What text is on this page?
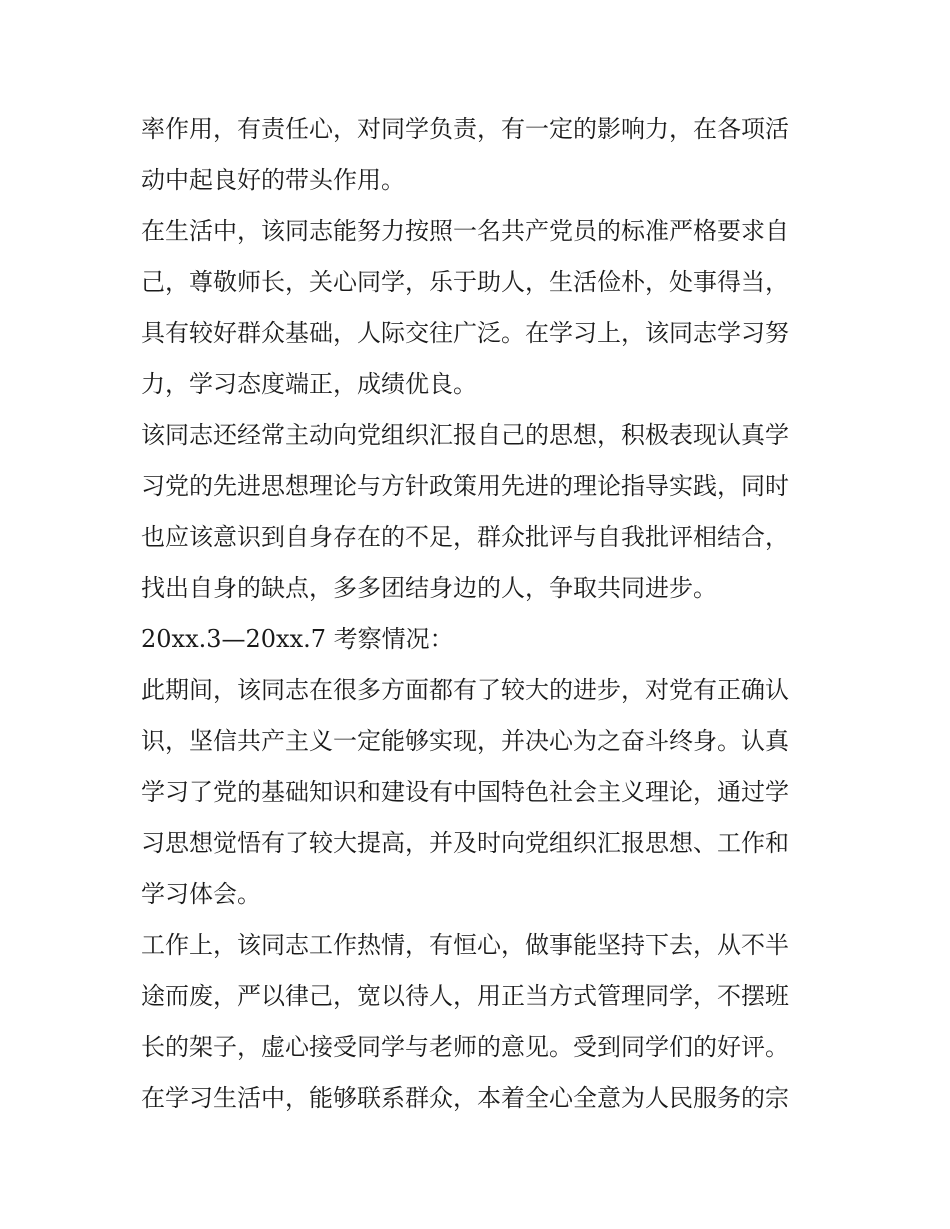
率作用，有责任心，对同学负责，有一定的影响力，在各项活
动中起良好的带头作用。
在生活中，该同志能努力按照一名共产党员的标准严格要求自
己，尊敬师长，关心同学，乐于助人，生活俭朴，处事得当，
具有较好群众基础，人际交往广泛。在学习上，该同志学习努
力，学习态度端正，成绩优良。
该同志还经常主动向党组织汇报自己的思想，积极表现认真学
习党的先进思想理论与方针政策用先进的理论指导实践，同时
也应该意识到自身存在的不足，群众批评与自我批评相结合，
找出自身的缺点，多多团结身边的人，争取共同进步。
20xx.3—20xx.7 考察情况：
此期间，该同志在很多方面都有了较大的进步，对党有正确认
识，坚信共产主义一定能够实现，并决心为之奋斗终身。认真
学习了党的基础知识和建设有中国特色社会主义理论，通过学
习思想觉悟有了较大提高，并及时向党组织汇报思想、工作和
学习体会。
工作上，该同志工作热情，有恒心，做事能坚持下去，从不半
途而废，严以律己，宽以待人，用正当方式管理同学，不摆班
长的架子，虚心接受同学与老师的意见。受到同学们的好评。
在学习生活中，能够联系群众，本着全心全意为人民服务的宗
